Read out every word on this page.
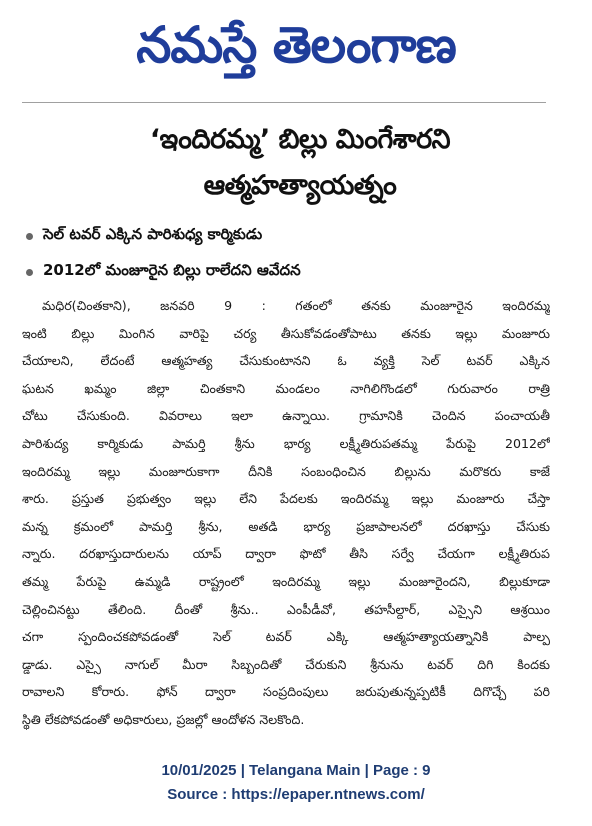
నమస్తే తెలంగాణ
‘ఇందిరమ్మ’ బిల్లు మింగేశారని
ఆత్మహత్యాయత్నం
సెల్ టవర్ ఎక్కిన పారిశుధ్య కార్మికుడు
2012లో మంజూరైన బిల్లు రాలేదని ఆవేదన
మధిర(చింతకాని), జనవరి 9 : గతంలో తనకు మంజూరైన ఇందిరమ్మ
ఇంటి బిల్లు మింగిన వారిపై చర్య తీసుకోవడంతోపాటు తనకు ఇల్లు మంజూరు
చేయాలని, లేదంటే ఆత్మహత్య చేసుకుంటానని ఓ వ్యక్తి సెల్ టవర్ ఎక్కిన
ఘటన ఖమ్మం జిల్లా చింతకాని మండలం నాగిలిగొండలో గురువారం రాత్రి
చోటు చేసుకుంది. వివరాలు ఇలా ఉన్నాయి. గ్రామానికి చెందిన పంచాయతీ
పారిశుద్య కార్మికుడు పామర్తి శ్రీను భార్య లక్ష్మీతిరుపతమ్మ పేరుపై 2012లో
ఇందిరమ్మ ఇల్లు మంజూరుకాగా దీనికి సంబంధించిన బిల్లును మరొకరు కాజే
శారు. ప్రస్తుత ప్రభుత్వం ఇల్లు లేని పేదలకు ఇందిరమ్మ ఇల్లు మంజూరు చేస్తా
మన్న క్రమంలో పామర్తి శ్రీను, అతడి భార్య ప్రజాపాలనలో దరఖాస్తు చేసుకు
న్నారు. దరఖాస్తుదారులను యాప్ ద్వారా ఫొటో తీసి సర్వే చేయగా లక్ష్మీతిరుప
తమ్మ పేరుపై ఉమ్మడి రాష్ట్రంలో ఇందిరమ్మ ఇల్లు మంజూరైందని, బిల్లుకూడా
చెల్లించినట్టు తేలింది. దీంతో శ్రీను.. ఎంపీడీవో, తహసీల్దార్, ఎస్సైని ఆశ్రయిం
చగా స్పందించకపోవడంతో సెల్ టవర్ ఎక్కి ఆత్మహత్యాయత్నానికి పాల్ప
డ్డాడు. ఎస్సై నాగుల్ మీరా సిబ్బందితో చేరుకుని శ్రీనును టవర్ దిగి కిందకు
రావాలని కోరారు. ఫోన్ ద్వారా సంప్రదింపులు జరుపుతున్నప్పటికీ దిగొచ్చే పరి
స్థితి లేకపోవడంతో అధికారులు, ప్రజల్లో ఆందోళన నెలకొంది.
10/01/2025 | Telangana Main | Page : 9
Source : https://epaper.ntnews.com/
